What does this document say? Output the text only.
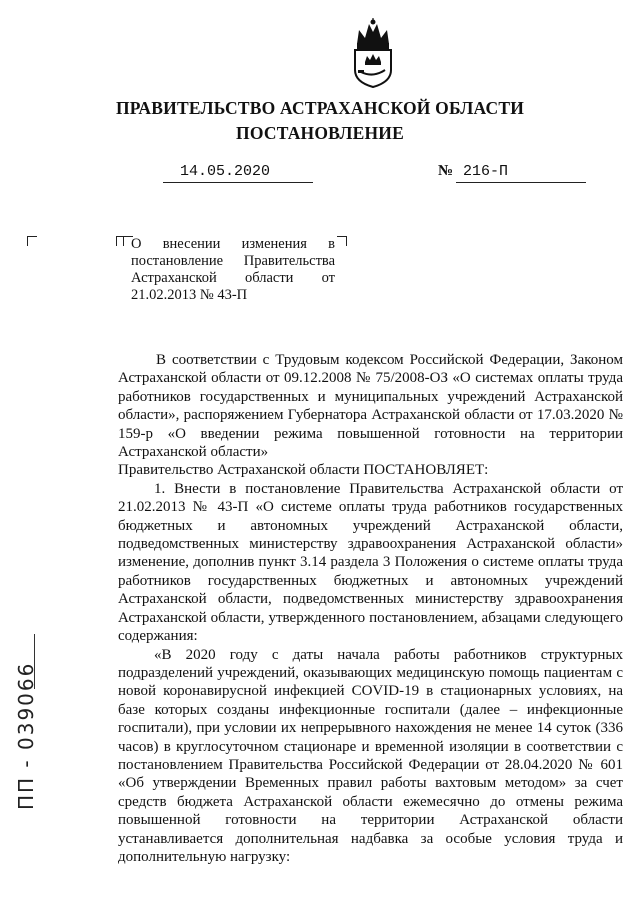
ПРАВИТЕЛЬСТВО АСТРАХАНСКОЙ ОБЛАСТИ
ПОСТАНОВЛЕНИЕ
14.05.2020	№ 216-П
О внесении изменения в
постановление Правительства
Астраханской области от
21.02.2013 № 43-П
В соответствии с Трудовым кодексом Российской Федерации, Законом Астраханской области от 09.12.2008 № 75/2008-ОЗ «О системах оплаты труда работников государственных и муниципальных учреждений Астраханской области», распоряжением Губернатора Астраханской области от 17.03.2020 № 159-р «О введении режима повышенной готовности на территории Астраханской области»
Правительство Астраханской области ПОСТАНОВЛЯЕТ:
1. Внести в постановление Правительства Астраханской области от 21.02.2013 № 43-П «О системе оплаты труда работников государственных бюджетных и автономных учреждений Астраханской области, подведомственных министерству здравоохранения Астраханской области» изменение, дополнив пункт 3.14 раздела 3 Положения о системе оплаты труда работников государственных бюджетных и автономных учреждений Астраханской области, подведомственных министерству здравоохранения Астраханской области, утвержденного постановлением, абзацами следующего содержания:
«В 2020 году с даты начала работы работников структурных подразделений учреждений, оказывающих медицинскую помощь пациентам с новой коронавирусной инфекцией COVID-19 в стационарных условиях, на базе которых созданы инфекционные госпитали (далее – инфекционные госпитали), при условии их непрерывного нахождения не менее 14 суток (336 часов) в круглосуточном стационаре и временной изоляции в соответствии с постановлением Правительства Российской Федерации от 28.04.2020 № 601 «Об утверждении Временных правил работы вахтовым методом» за счет средств бюджета Астраханской области ежемесячно до отмены режима повышенной готовности на территории Астраханской области устанавливается дополнительная надбавка за особые условия труда и дополнительную нагрузку:
ПП - 039066
